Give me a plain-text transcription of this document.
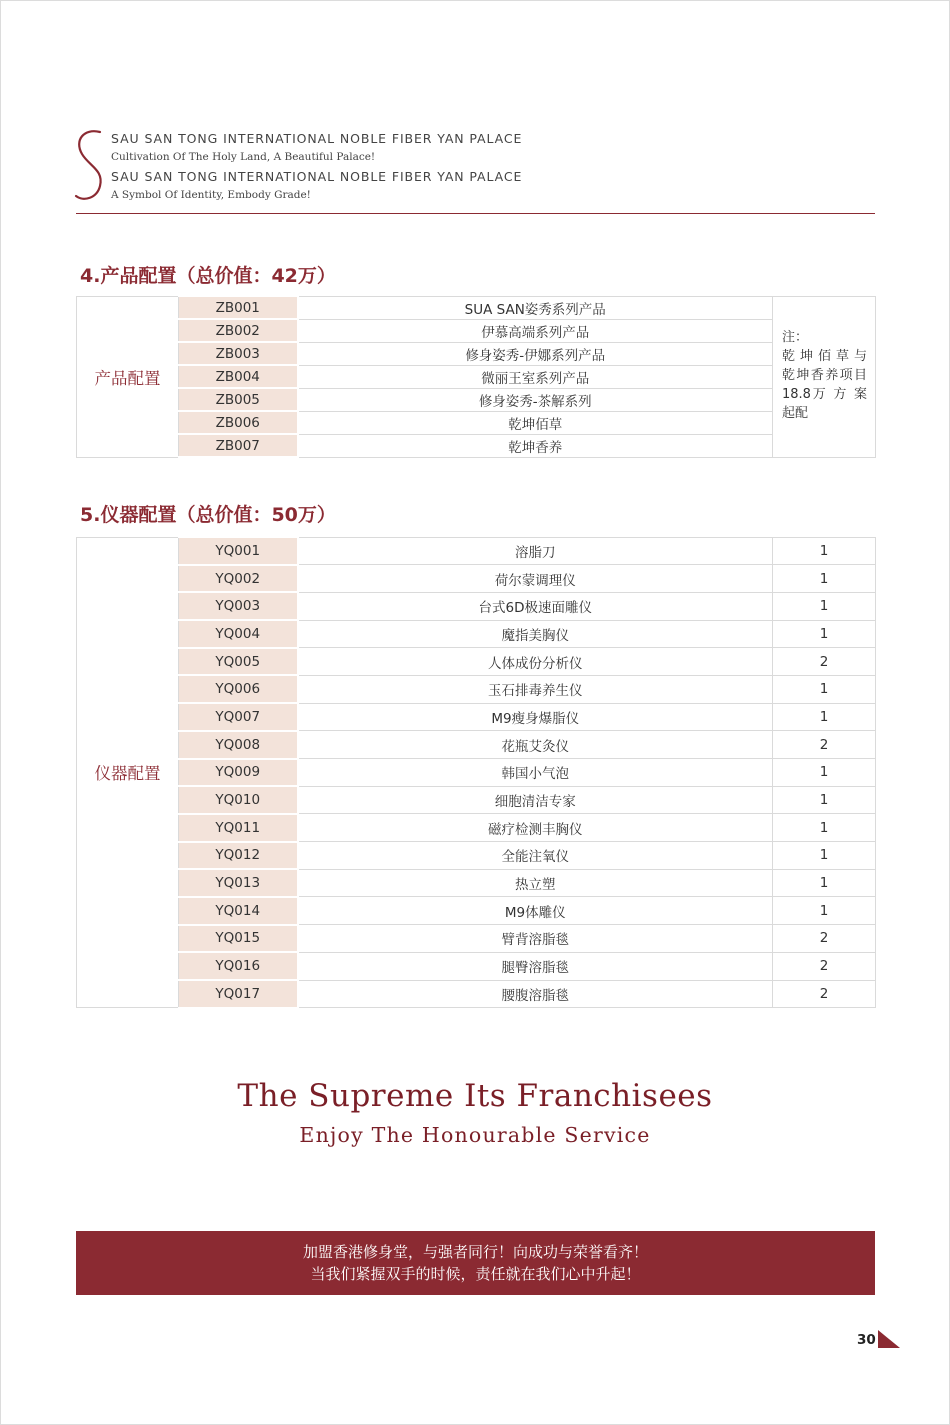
SAU SAN TONG INTERNATIONAL NOBLE FIBER YAN PALACE
Cultivation Of The Holy Land, A Beautiful Palace!
SAU SAN TONG INTERNATIONAL NOBLE FIBER YAN PALACE
A Symbol Of Identity, Embody Grade!
4.产品配置（总价值：42万）
产品配置	ZB001	SUA SAN姿秀系列产品	注：
乾坤佰草与
乾坤香养项目
18.8万 方 案
起配

	ZB002	伊慕高端系列产品	
	ZB003	修身姿秀-伊娜系列产品	
	ZB004	微丽王室系列产品	
	ZB005	修身姿秀-茶解系列	
	ZB006	乾坤佰草	
	ZB007	乾坤香养	
5.仪器配置（总价值：50万）
仪器配置	YQ001	溶脂刀	1
	YQ002	荷尔蒙调理仪	1
	YQ003	台式6D极速面雕仪	1
	YQ004	魔指美胸仪	1
	YQ005	人体成份分析仪	2
	YQ006	玉石排毒养生仪	1
	YQ007	M9瘦身爆脂仪	1
	YQ008	花瓶艾灸仪	2
	YQ009	韩国小气泡	1
	YQ010	细胞清洁专家	1
	YQ011	磁疗检测丰胸仪	1
	YQ012	全能注氧仪	1
	YQ013	热立塑	1
	YQ014	M9体雕仪	1
	YQ015	臂背溶脂毯	2
	YQ016	腿臀溶脂毯	2
	YQ017	腰腹溶脂毯	2
The Supreme Its Franchisees
Enjoy The Honourable Service
加盟香港修身堂，与强者同行！向成功与荣誉看齐！
当我们紧握双手的时候，责任就在我们心中升起！
30
